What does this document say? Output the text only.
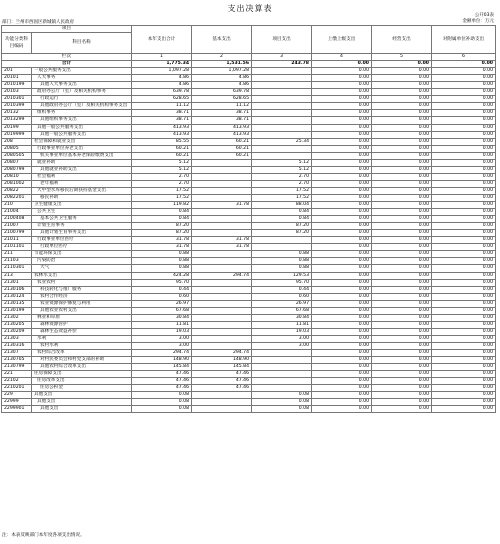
支出决算表
公开03表
金额单位：万元
部门：兰州市西固区新城镇人民政府
项目		本年支出合计	基本支出	项目支出	上缴上级支出	经营支出	对附属单位补助支出
功能分类科目编码	科目名称						
栏次		1	2	3	4	5	6
合计		1,775.34	1,531.56	243.78	0.00	0.00	0.00
201	一般公共服务支出	1,097.28	1,097.28		0.00	0.00	0.00
20101	人大事务	4.86	4.86		0.00	0.00	0.00
2010199	其他人大事务支出	4.86	4.86		0.00	0.00	0.00
20103	政府办公厅（室）及相关机构事务	639.78	639.78		0.00	0.00	0.00
2010301	行政运行	628.65	628.65		0.00	0.00	0.00
2010399	其他政府办公厅（室）及相关机构事务支出	11.12	11.12		0.00	0.00	0.00
20132	组织事务	38.71	38.71		0.00	0.00	0.00
2013299	其他组织事务支出	38.71	38.71		0.00	0.00	0.00
20199	其他一般公共服务支出	413.93	413.93		0.00	0.00	0.00
2019999	其他一般公共服务支出	413.93	413.93		0.00	0.00	0.00
208	社会保障和就业支出	85.55	60.21	25.34	0.00	0.00	0.00
20805	行政事业单位养老支出	60.21	60.21		0.00	0.00	0.00
2080505	机关事业单位基本养老保险缴费支出	60.21	60.21		0.00	0.00	0.00
20807	就业补助	5.12		5.12	0.00	0.00	0.00
2080799	其他就业补助支出	5.12		5.12	0.00	0.00	0.00
20810	社会福利	2.70		2.70	0.00	0.00	0.00
2081002	老年福利	2.70		2.70	0.00	0.00	0.00
20822	大中型水库移民后期扶持基金支出	17.52		17.52	0.00	0.00	0.00
2082201	移民补助	17.52		17.52	0.00	0.00	0.00
210	卫生健康支出	119.82	31.78	88.04	0.00	0.00	0.00
21004	公共卫生	0.84		0.84	0.00	0.00	0.00
2100408	基本公共卫生服务	0.84		0.84	0.00	0.00	0.00
21007	计划生育事务	87.20		87.20	0.00	0.00	0.00
2100799	其他计划生育事务支出	87.20		87.20	0.00	0.00	0.00
21011	行政事业单位医疗	31.78	31.78		0.00	0.00	0.00
2101101	行政单位医疗	31.78	31.78		0.00	0.00	0.00
211	节能环保支出	0.88		0.88	0.00	0.00	0.00
21103	污染防治	0.88		0.88	0.00	0.00	0.00
2110301	大气	0.88		0.88	0.00	0.00	0.00
213	农林水支出	424.28	294.74	129.53	0.00	0.00	0.00
21301	农业农村	95.70		95.70	0.00	0.00	0.00
2130106	科技转化与推广服务	0.44		0.44	0.00	0.00	0.00
2130124	农村合作经济	0.60		0.60	0.00	0.00	0.00
2130135	农业资源保护修复与利用	26.97		26.97	0.00	0.00	0.00
2130199	其他农业农村支出	67.68		67.68	0.00	0.00	0.00
21302	林业和草原	30.84		30.84	0.00	0.00	0.00
2130205	森林资源管护	11.81		11.81	0.00	0.00	0.00
2130209	森林生态效益补偿	19.03		19.03	0.00	0.00	0.00
21303	水利	3.00		3.00	0.00	0.00	0.00
2130316	农村水利	3.00		3.00	0.00	0.00	0.00
21307	农村综合改革	294.74	294.74		0.00	0.00	0.00
2130705	对村民委员会和村党支部的补助	148.90	148.90		0.00	0.00	0.00
2130799	其他农村综合改革支出	145.84	145.84		0.00	0.00	0.00
221	住房保障支出	47.46	47.46		0.00	0.00	0.00
22102	住房改革支出	47.46	47.46		0.00	0.00	0.00
2210201	住房公积金	47.46	47.46		0.00	0.00	0.00
229	其他支出	0.08		0.08	0.00	0.00	0.00
22999	其他支出	0.08		0.08	0.00	0.00	0.00
2299901	其他支出	0.08		0.08	0.00	0.00	0.00
注：本表反映部门本年度各项支出情况。
